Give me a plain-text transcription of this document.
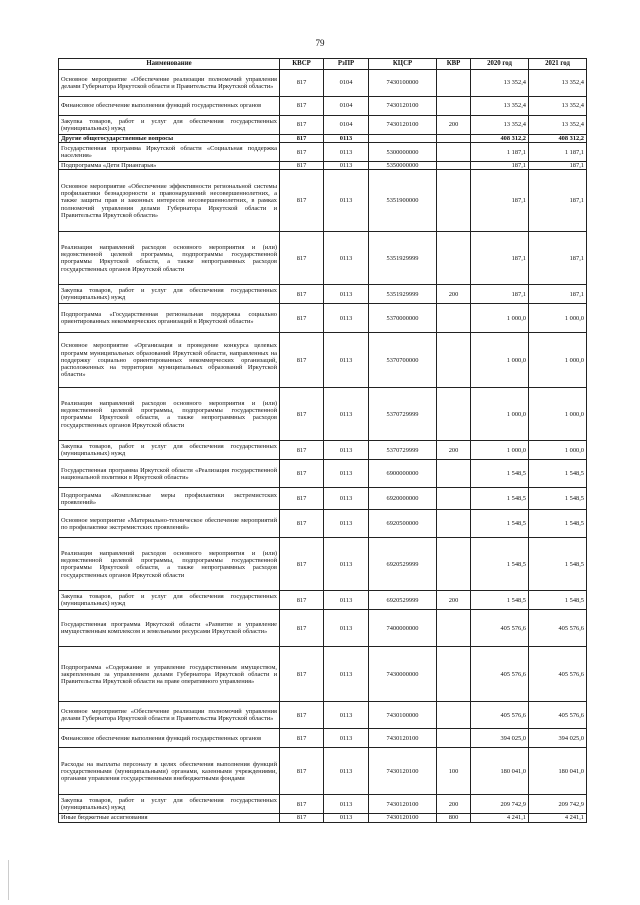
79
Наименование	КВСР	РзПР	КЦСР	КВР	2020 год	2021 год
Основное мероприятие «Обеспечение реализации полномочий управления делами Губернатора Иркутской области и Правительства Иркутской области»	817	0104	7430100000		13 352,4	13 352,4
Финансовое обеспечение выполнения функций государственных органов	817	0104	7430120100		13 352,4	13 352,4
Закупка товаров, работ и услуг для обеспечения государственных (муниципальных) нужд	817	0104	7430120100	200	13 352,4	13 352,4
Другие общегосударственные вопросы	817	0113			408 312,2	408 312,2
Государственная программа Иркутской области «Социальная поддержка населения»	817	0113	5300000000		1 187,1	1 187,1
Подпрограмма «Дети Приангарья»	817	0113	5350000000		187,1	187,1
Основное мероприятие «Обеспечение эффективности региональной системы профилактики безнадзорности и правонарушений несовершеннолетних, а также защиты прав и законных интересов несовершеннолетних, в рамках полномочий управления делами Губернатора Иркутской области и Правительства Иркутской области»	817	0113	5351900000		187,1	187,1
Реализация направлений расходов основного мероприятия и (или) ведомственной целевой программы, подпрограммы государственной программы Иркутской области, а также непрограммных расходов государственных органов Иркутской области	817	0113	5351929999		187,1	187,1
Закупка товаров, работ и услуг для обеспечения государственных (муниципальных) нужд	817	0113	5351929999	200	187,1	187,1
Подпрограмма «Государственная региональная поддержка социально ориентированных некоммерческих организаций в Иркутской области»	817	0113	5370000000		1 000,0	1 000,0
Основное мероприятие «Организация и проведение конкурса целевых программ муниципальных образований Иркутской области, направленных на поддержку социально ориентированных некоммерческих организаций, расположенных на территории муниципальных образований Иркутской области»	817	0113	5370700000		1 000,0	1 000,0
Реализация направлений расходов основного мероприятия и (или) ведомственной целевой программы, подпрограммы государственной программы Иркутской области, а также непрограммных расходов государственных органов Иркутской области	817	0113	5370729999		1 000,0	1 000,0
Закупка товаров, работ и услуг для обеспечения государственных (муниципальных) нужд	817	0113	5370729999	200	1 000,0	1 000,0
Государственная программа Иркутской области «Реализация государственной национальной политики в Иркутской области»	817	0113	6900000000		1 548,5	1 548,5
Подпрограмма «Комплексные меры профилактики экстремистских проявлений»	817	0113	6920000000		1 548,5	1 548,5
Основное мероприятие «Материально-техническое обеспечение мероприятий по профилактике экстремистских проявлений»	817	0113	6920500000		1 548,5	1 548,5
Реализация направлений расходов основного мероприятия и (или) ведомственной целевой программы, подпрограммы государственной программы Иркутской области, а также непрограммных расходов государственных органов Иркутской области	817	0113	6920529999		1 548,5	1 548,5
Закупка товаров, работ и услуг для обеспечения государственных (муниципальных) нужд	817	0113	6920529999	200	1 548,5	1 548,5
Государственная программа Иркутской области «Развитие и управление имущественным комплексом и земельными ресурсами Иркутской области»	817	0113	7400000000		405 576,6	405 576,6
Подпрограмма «Содержание и управление государственным имуществом, закрепленным за управлением делами Губернатора Иркутской области и Правительства Иркутской области на праве оперативного управления»	817	0113	7430000000		405 576,6	405 576,6
Основное мероприятие «Обеспечение реализации полномочий управления делами Губернатора Иркутской области и Правительства Иркутской области»	817	0113	7430100000		405 576,6	405 576,6
Финансовое обеспечение выполнения функций государственных органов	817	0113	7430120100		394 025,0	394 025,0
Расходы на выплаты персоналу в целях обеспечения выполнения функций государственными (муниципальными) органами, казенными учреждениями, органами управления государственными внебюджетными фондами	817	0113	7430120100	100	180 041,0	180 041,0
Закупка товаров, работ и услуг для обеспечения государственных (муниципальных) нужд	817	0113	7430120100	200	209 742,9	209 742,9
Иные бюджетные ассигнования	817	0113	7430120100	800	4 241,1	4 241,1
